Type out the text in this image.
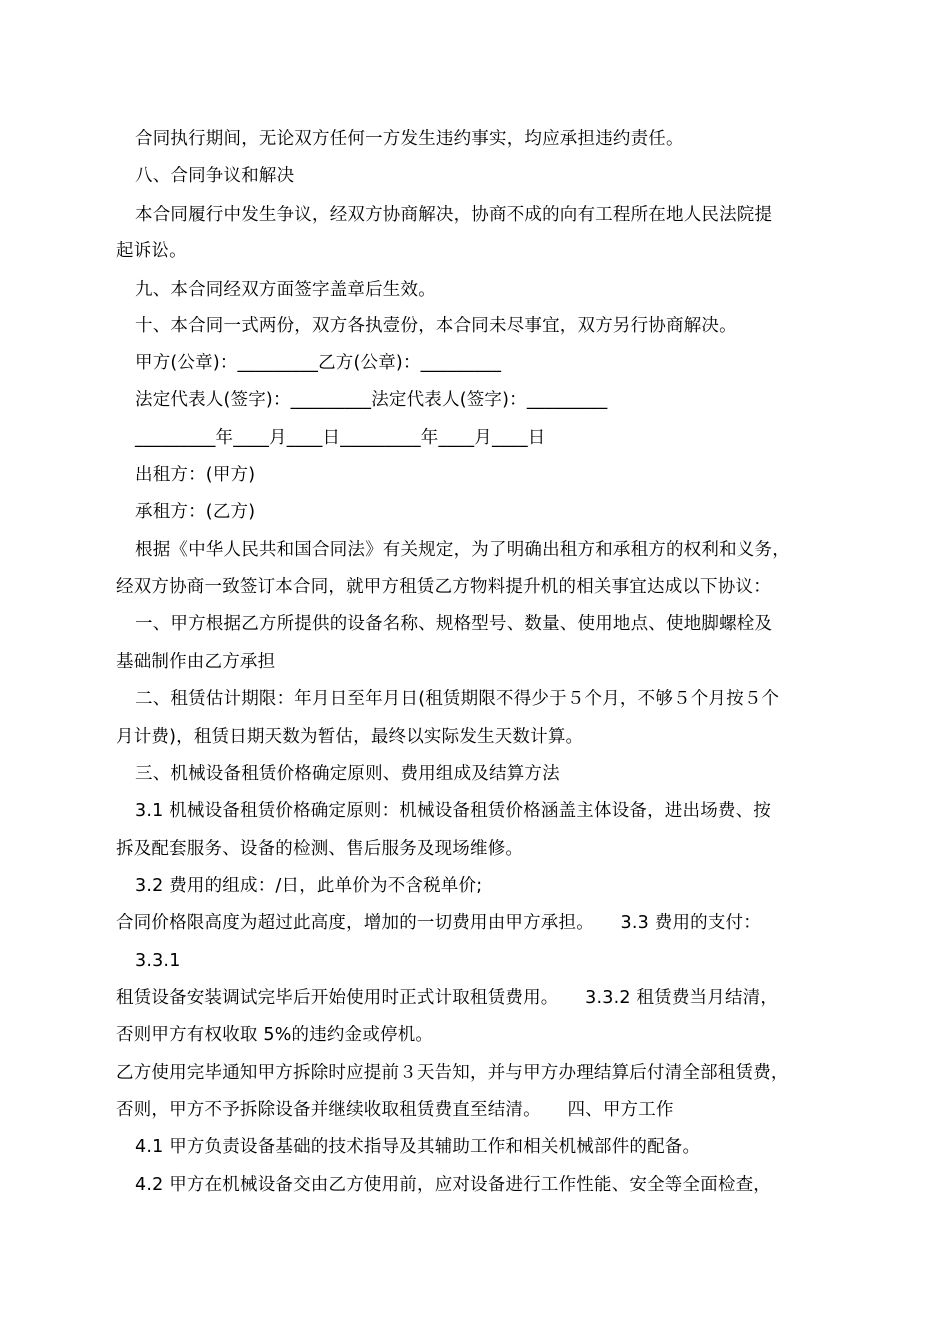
合同执行期间，无论双方任何一方发生违约事实，均应承担违约责任。
八、合同争议和解决
本合同履行中发生争议，经双方协商解决，协商不成的向有工程所在地人民法院提
起诉讼。
九、本合同经双方面签字盖章后生效。
十、本合同一式两份，双方各执壹份，本合同未尽事宜，双方另行协商解决。
甲方(公章)：_________乙方(公章)：_________
法定代表人(签字)：_________法定代表人(签字)：_________
_________年____月____日_________年____月____日
出租方：(甲方)
承租方：(乙方)
根据《中华人民共和国合同法》有关规定，为了明确出租方和承租方的权利和义务，
经双方协商一致签订本合同，就甲方租赁乙方物料提升机的相关事宜达成以下协议：
一、甲方根据乙方所提供的设备名称、规格型号、数量、使用地点、使地脚螺栓及
基础制作由乙方承担
二、租赁估计期限：年月日至年月日(租赁期限不得少于５个月，不够５个月按５个
月计费)，租赁日期天数为暂估，最终以实际发生天数计算。
三、机械设备租赁价格确定原则、费用组成及结算方法
3.1 机械设备租赁价格确定原则：机械设备租赁价格涵盖主体设备，进出场费、按
拆及配套服务、设备的检测、售后服务及现场维修。
3.2 费用的组成：/日，此单价为不含税单价;
合同价格限高度为超过此高度，增加的一切费用由甲方承担。　　3.3 费用的支付：
3.3.1
租赁设备安装调试完毕后开始使用时正式计取租赁费用。　　3.3.2 租赁费当月结清，
否则甲方有权收取 5%的违约金或停机。
乙方使用完毕通知甲方拆除时应提前３天告知，并与甲方办理结算后付清全部租赁费，
否则，甲方不予拆除设备并继续收取租赁费直至结清。　　四、甲方工作
4.1 甲方负责设备基础的技术指导及其辅助工作和相关机械部件的配备。
4.2 甲方在机械设备交由乙方使用前，应对设备进行工作性能、安全等全面检查，
